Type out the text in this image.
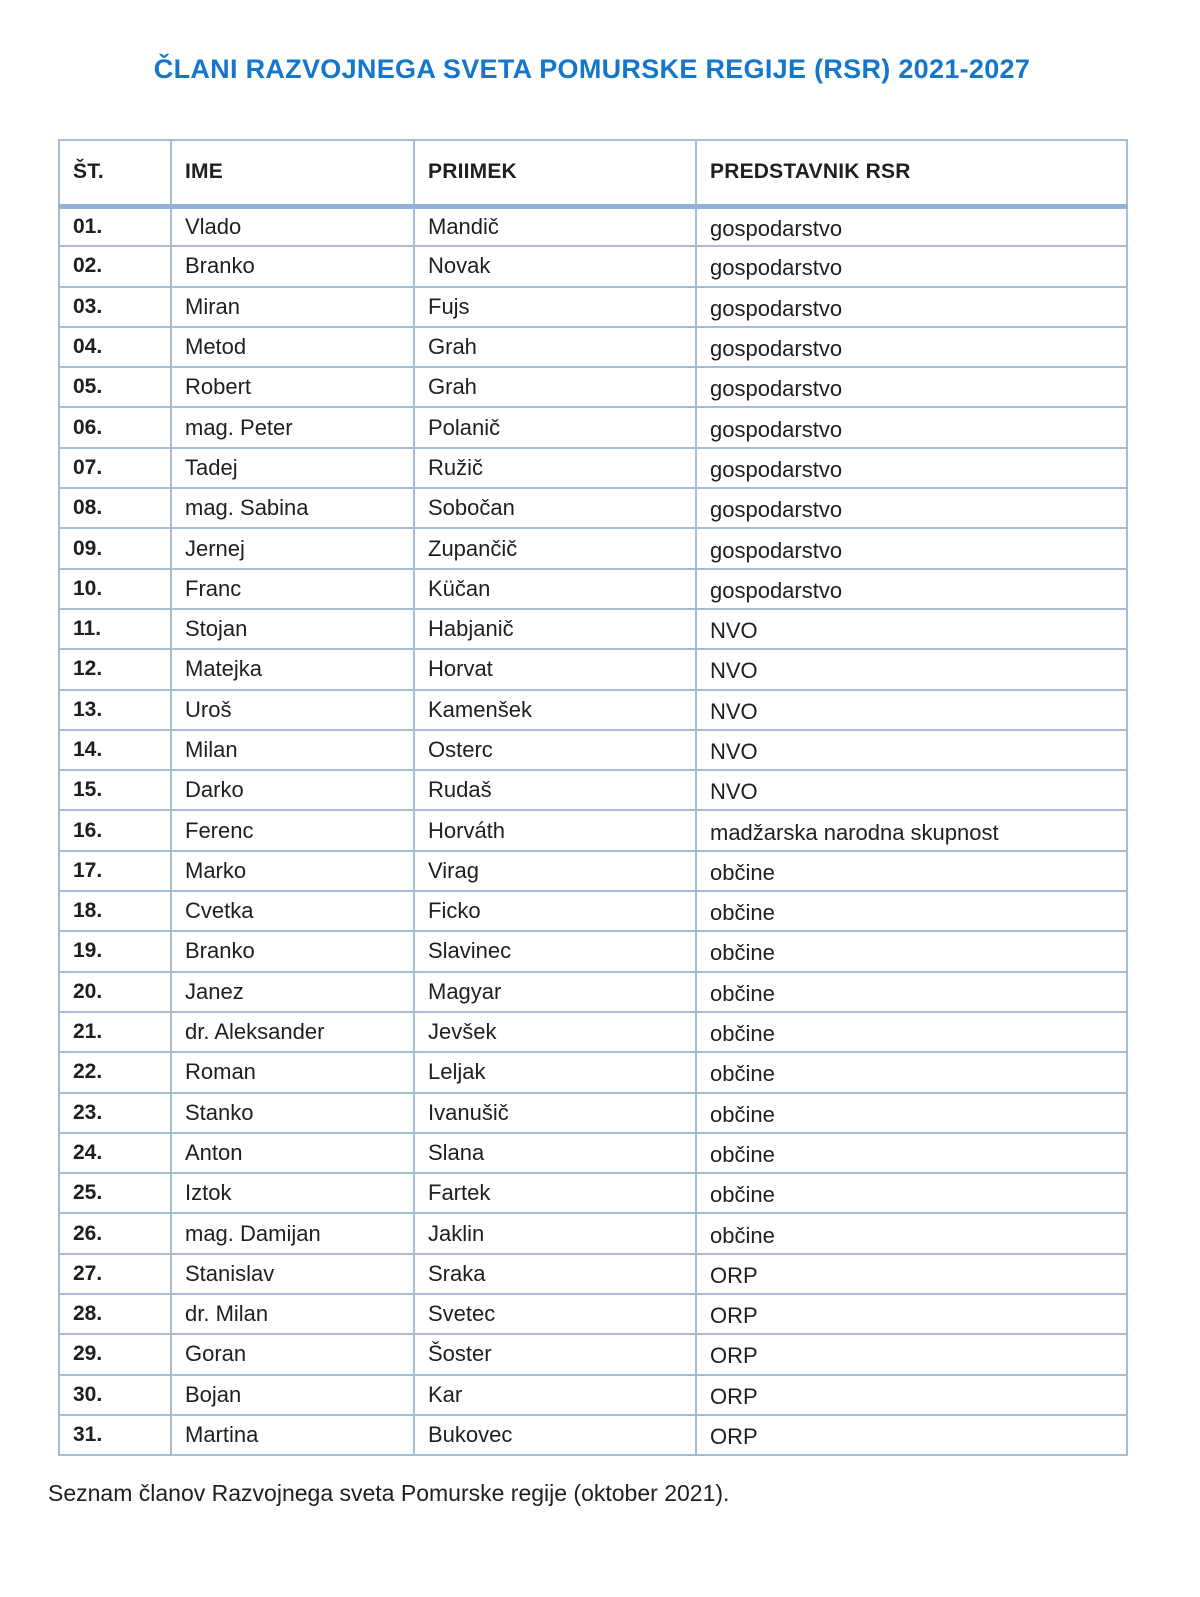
ČLANI RAZVOJNEGA SVETA POMURSKE REGIJE (RSR) 2021-2027
ŠT.	IME	PRIIMEK	PREDSTAVNIK RSR
01.	Vlado	Mandič	gospodarstvo
02.	Branko	Novak	gospodarstvo
03.	Miran	Fujs	gospodarstvo
04.	Metod	Grah	gospodarstvo
05.	Robert	Grah	gospodarstvo
06.	mag. Peter	Polanič	gospodarstvo
07.	Tadej	Ružič	gospodarstvo
08.	mag. Sabina	Sobočan	gospodarstvo
09.	Jernej	Zupančič	gospodarstvo
10.	Franc	Küčan	gospodarstvo
11.	Stojan	Habjanič	NVO
12.	Matejka	Horvat	NVO
13.	Uroš	Kamenšek	NVO
14.	Milan	Osterc	NVO
15.	Darko	Rudaš	NVO
16.	Ferenc	Horváth	madžarska narodna skupnost
17.	Marko	Virag	občine
18.	Cvetka	Ficko	občine
19.	Branko	Slavinec	občine
20.	Janez	Magyar	občine
21.	dr. Aleksander	Jevšek	občine
22.	Roman	Leljak	občine
23.	Stanko	Ivanušič	občine
24.	Anton	Slana	občine
25.	Iztok	Fartek	občine
26.	mag. Damijan	Jaklin	občine
27.	Stanislav	Sraka	ORP
28.	dr. Milan	Svetec	ORP
29.	Goran	Šoster	ORP
30.	Bojan	Kar	ORP
31.	Martina	Bukovec	ORP
Seznam članov Razvojnega sveta Pomurske regije (oktober 2021).
